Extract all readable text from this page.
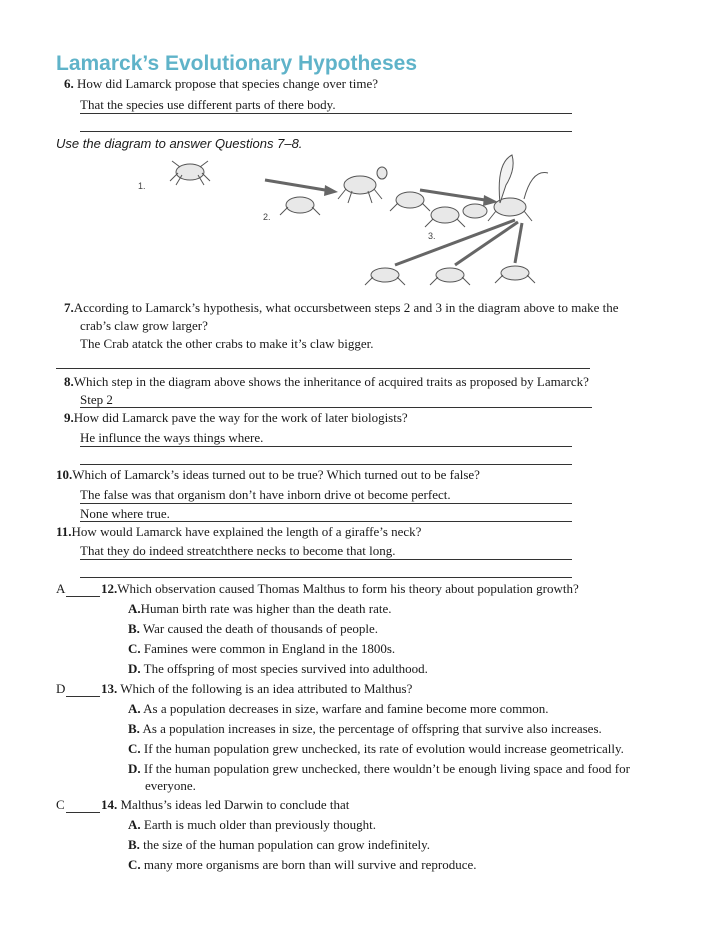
Lamarck’s Evolutionary Hypotheses
6. How did Lamarck propose that species change over time?
That the species use different parts of there body.
Use the diagram to answer Questions 7–8.
1.
2.
3.
7.According to Lamarck’s hypothesis, what occursbetween steps 2 and 3 in the diagram above to make the
crab’s claw grow larger?
The Crab atatck the other crabs to make it’s claw bigger.
8.Which step in the diagram above shows the inheritance of acquired traits as proposed by Lamarck?
Step 2
9.How did Lamarck pave the way for the work of later biologists?
He influnce the ways things where.
10.Which of Lamarck’s ideas turned out to be true? Which turned out to be false?
The false was that organism don’t have inborn drive ot become perfect.
None where true.
11.How would Lamarck have explained the length of a giraffe’s neck?
That they do indeed streatchthere necks to become that long.
A	12.Which observation caused Thomas Malthus to form his theory about population growth?
A.Human birth rate was higher than the death rate.
B. War caused the death of thousands of people.
C. Famines were common in England in the 1800s.
D. The offspring of most species survived into adulthood.
D	13. Which of the following is an idea attributed to Malthus?
A. As a population decreases in size, warfare and famine become more common.
B. As a population increases in size, the percentage of offspring that survive also increases.
C. If the human population grew unchecked, its rate of evolution would increase geometrically.
D. If the human population grew unchecked, there wouldn’t be enough living space and food for
everyone.
C	14. Malthus’s ideas led Darwin to conclude that
A. Earth is much older than previously thought.
B. the size of the human population can grow indefinitely.
C. many more organisms are born than will survive and reproduce.
